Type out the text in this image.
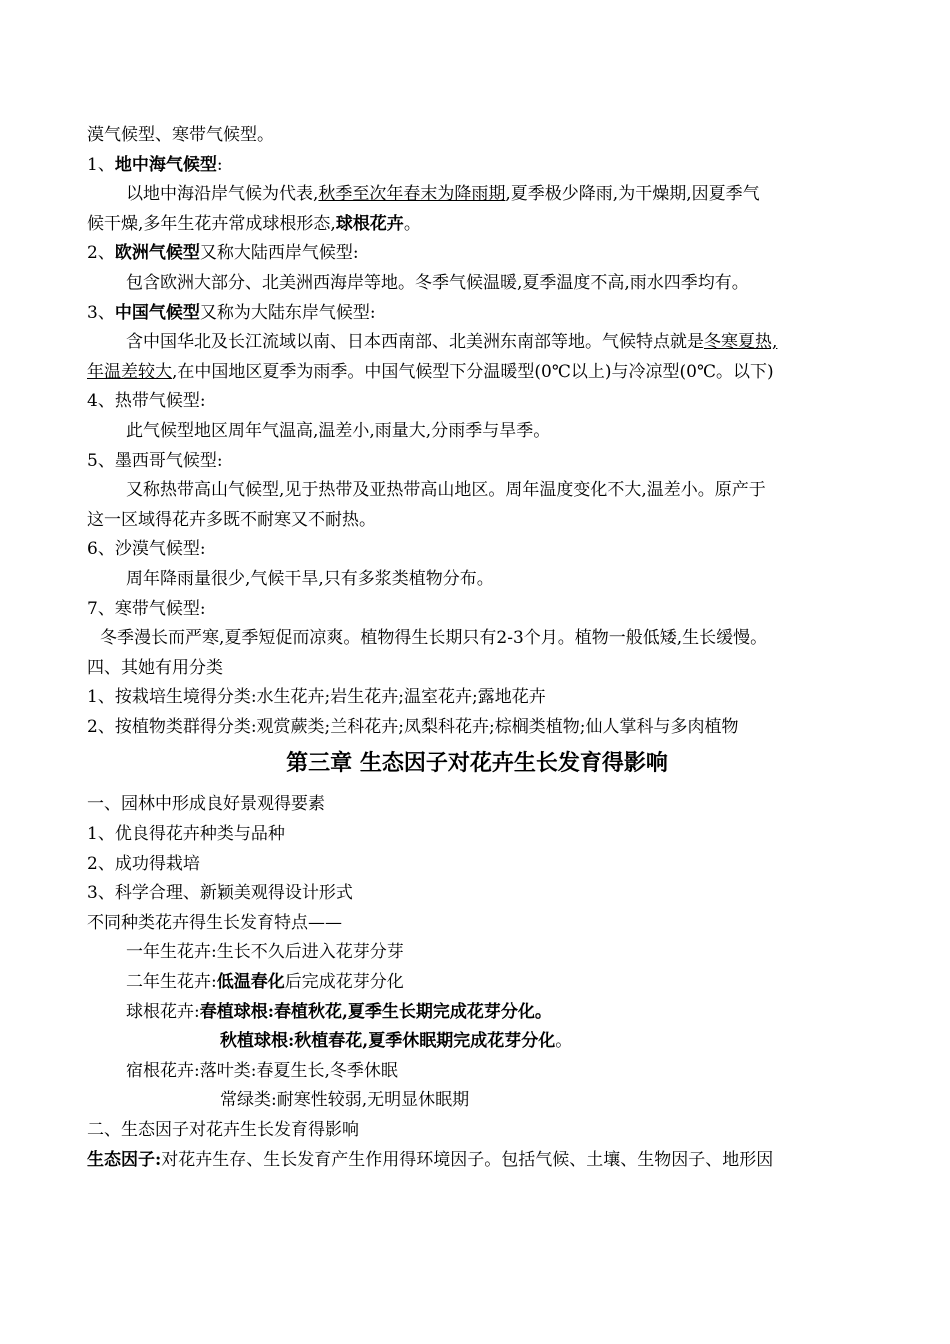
漠气候型、寒带气候型。
1、地中海气候型:
以地中海沿岸气候为代表,秋季至次年春末为降雨期,夏季极少降雨,为干燥期,因夏季气
候干燥,多年生花卉常成球根形态,球根花卉。
2、欧洲气候型又称大陆西岸气候型:
包含欧洲大部分、北美洲西海岸等地。冬季气候温暖,夏季温度不高,雨水四季均有。
3、中国气候型又称为大陆东岸气候型:
含中国华北及长江流域以南、日本西南部、北美洲东南部等地。气候特点就是冬寒夏热,
年温差较大,在中国地区夏季为雨季。中国气候型下分温暖型(0℃以上)与冷凉型(0℃。以下)
4、热带气候型:
此气候型地区周年气温高,温差小,雨量大,分雨季与旱季。
5、墨西哥气候型:
又称热带高山气候型,见于热带及亚热带高山地区。周年温度变化不大,温差小。原产于
这一区域得花卉多既不耐寒又不耐热。
6、沙漠气候型:
周年降雨量很少,气候干旱,只有多浆类植物分布。
7、寒带气候型:
冬季漫长而严寒,夏季短促而凉爽。植物得生长期只有2-3个月。植物一般低矮,生长缓慢。
四、其她有用分类
1、按栽培生境得分类:水生花卉;岩生花卉;温室花卉;露地花卉
2、按植物类群得分类:观赏蕨类;兰科花卉;凤梨科花卉;棕榈类植物;仙人掌科与多肉植物
第三章 生态因子对花卉生长发育得影响
一、园林中形成良好景观得要素
1、优良得花卉种类与品种
2、成功得栽培
3、科学合理、新颖美观得设计形式
不同种类花卉得生长发育特点——
一年生花卉:生长不久后进入花芽分芽
二年生花卉:低温春化后完成花芽分化
球根花卉:春植球根:春植秋花,夏季生长期完成花芽分化。
秋植球根:秋植春花,夏季休眠期完成花芽分化。
宿根花卉:落叶类:春夏生长,冬季休眠
常绿类:耐寒性较弱,无明显休眠期
二、生态因子对花卉生长发育得影响
生态因子:对花卉生存、生长发育产生作用得环境因子。包括气候、土壤、生物因子、地形因
